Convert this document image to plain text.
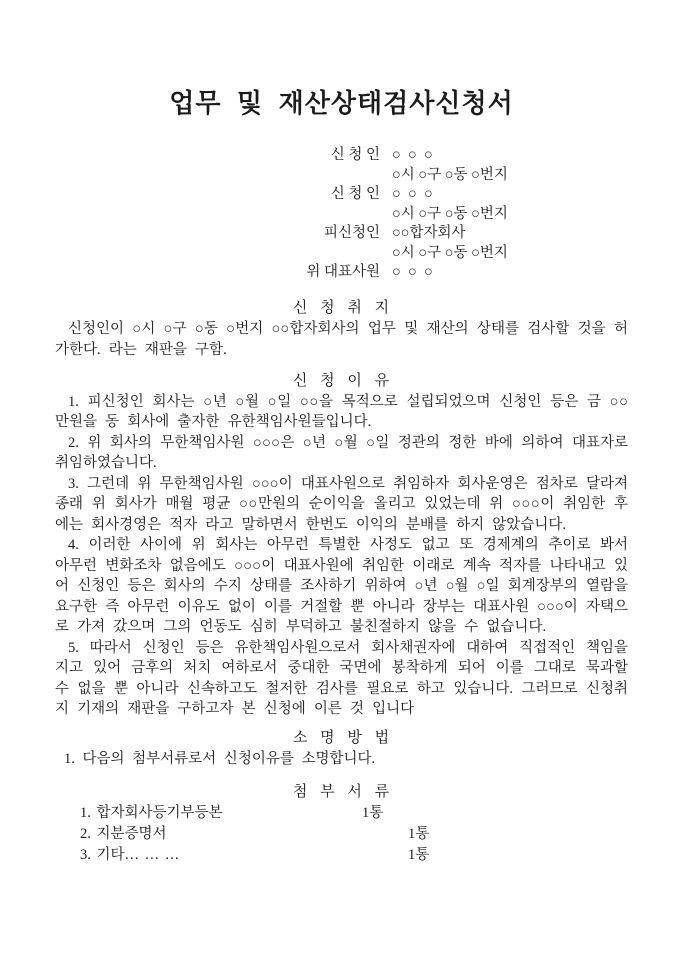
업무 및 재산상태검사신청서
신 청 인 ○  ○  ○
○시 ○구 ○동 ○번지
신 청 인 ○  ○  ○
○시 ○구 ○동 ○번지
피신청인 ○○합자회사
○시 ○구 ○동 ○번지
위 대표사원 ○  ○  ○
신 청 취 지

신청인이 ○시 ○구 ○동 ○번지 ○○합자회사의 업무 및 재산의 상태를 검사할 것을 허가한다. 라는 재판을 구함.

신 청 이 유

1. 피신청인 회사는 ○년 ○월 ○일 ○○을 목적으로 설립되었으며 신청인 등은 금 ○○만원을 동 회사에 출자한 유한책임사원들입니다.

2. 위 회사의 무한책임사원 ○○○은 ○년 ○월 ○일 정관의 정한 바에 의하여 대표자로 취임하였습니다.

3. 그런데 위 무한책임사원 ○○○이 대표사원으로 취임하자 회사운영은 점차로 달라져 종래 위 회사가 매월 평균 ○○만원의 순이익을 올리고 있었는데 위 ○○○이 취임한 후에는 회사경영은 적자 라고 말하면서 한번도 이익의 분배를 하지 않았습니다.

4. 이러한 사이에 위 회사는 아무런 특별한 사정도 없고 또 경제계의 추이로 봐서 아무런 변화조차 없음에도 ○○○이 대표사원에 취임한 이래로 계속 적자를 나타내고 있어 신청인 등은 회사의 수지 상태를 조사하기 위하여 ○년 ○월 ○일 회계장부의 열람을 요구한 즉 아무런 이유도 없이 이를 거절할 뿐 아니라 장부는 대표사원 ○○○이 자택으로 가져 갔으며 그의 언동도 심히 부덕하고 불친절하지 않을 수 없습니다.

5. 따라서 신청인 등은 유한책임사원으로서 회사채권자에 대하여 직접적인 책임을 지고 있어 금후의 처치 여하로서 중대한 국면에 봉착하게 되어 이를 그대로 묵과할 수 없을 뿐 아니라 신속하고도 철저한 검사를 필요로 하고 있습니다. 그러므로 신청취지 기재의 재판을 구하고자 본 신청에 이른 것 입니다

소 명 방 법

1. 다음의 첨부서류로서 신청이유를 소명합니다.

첨 부 서 류
1. 합자회사등기부등본	1통
2. 지분증명서	1통
3. 기타… … …	1통
